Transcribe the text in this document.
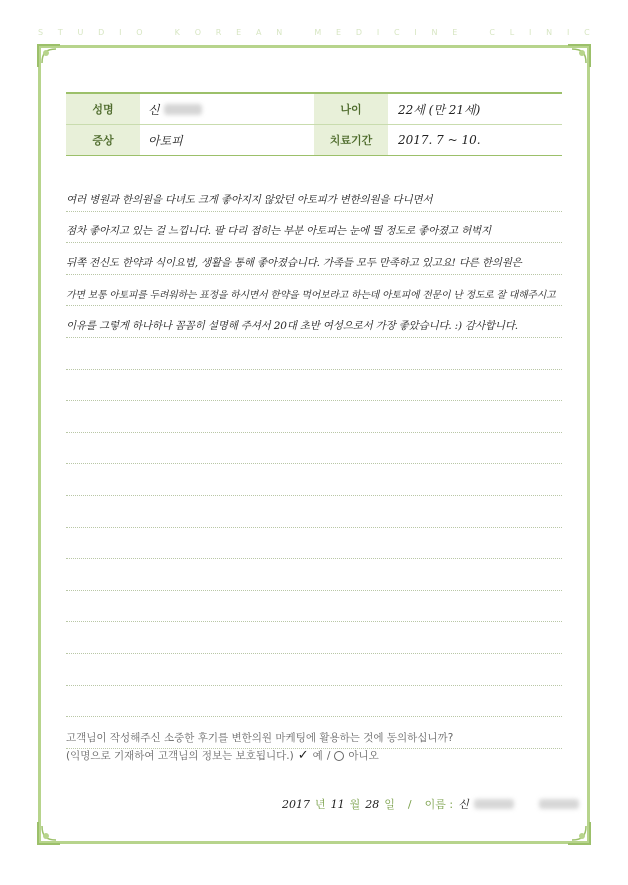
S T U D I O
	K O R E A N
	M E D I C I N E
	C L I N I C
성명	신	나이	22세 (만 21세)
증상	아토피	치료기간	2017. 7 ~ 10.
여러 병원과 한의원을 다녀도 크게 좋아지지 않았던 아토피가 변한의원을 다니면서
점차 좋아지고 있는 걸 느낍니다. 팔 다리 접히는 부분 아토피는 눈에 띌 정도로 좋아졌고 허벅지
뒤쪽 전신도 한약과 식이요법, 생활을 통해 좋아졌습니다. 가족들 모두 만족하고 있고요! 다른 한의원은
가면 보통 아토피를 두려워하는 표정을 하시면서 한약을 먹어보라고 하는데 아토피에 전문이 난 정도로 잘 대해주시고
이유를 그렇게 하나하나 꼼꼼히 설명해 주셔서 20대 초반 여성으로서 가장 좋았습니다. :) 감사합니다.
고객님이 작성해주신 소중한 후기를 변한의원 마케팅에 활용하는 것에 동의하십니까?
(익명으로 기재하여 고객님의 정보는 보호됩니다.) ✓ 예 / 아니오
2017 년 11 월 28 일 / 이름 : 신
